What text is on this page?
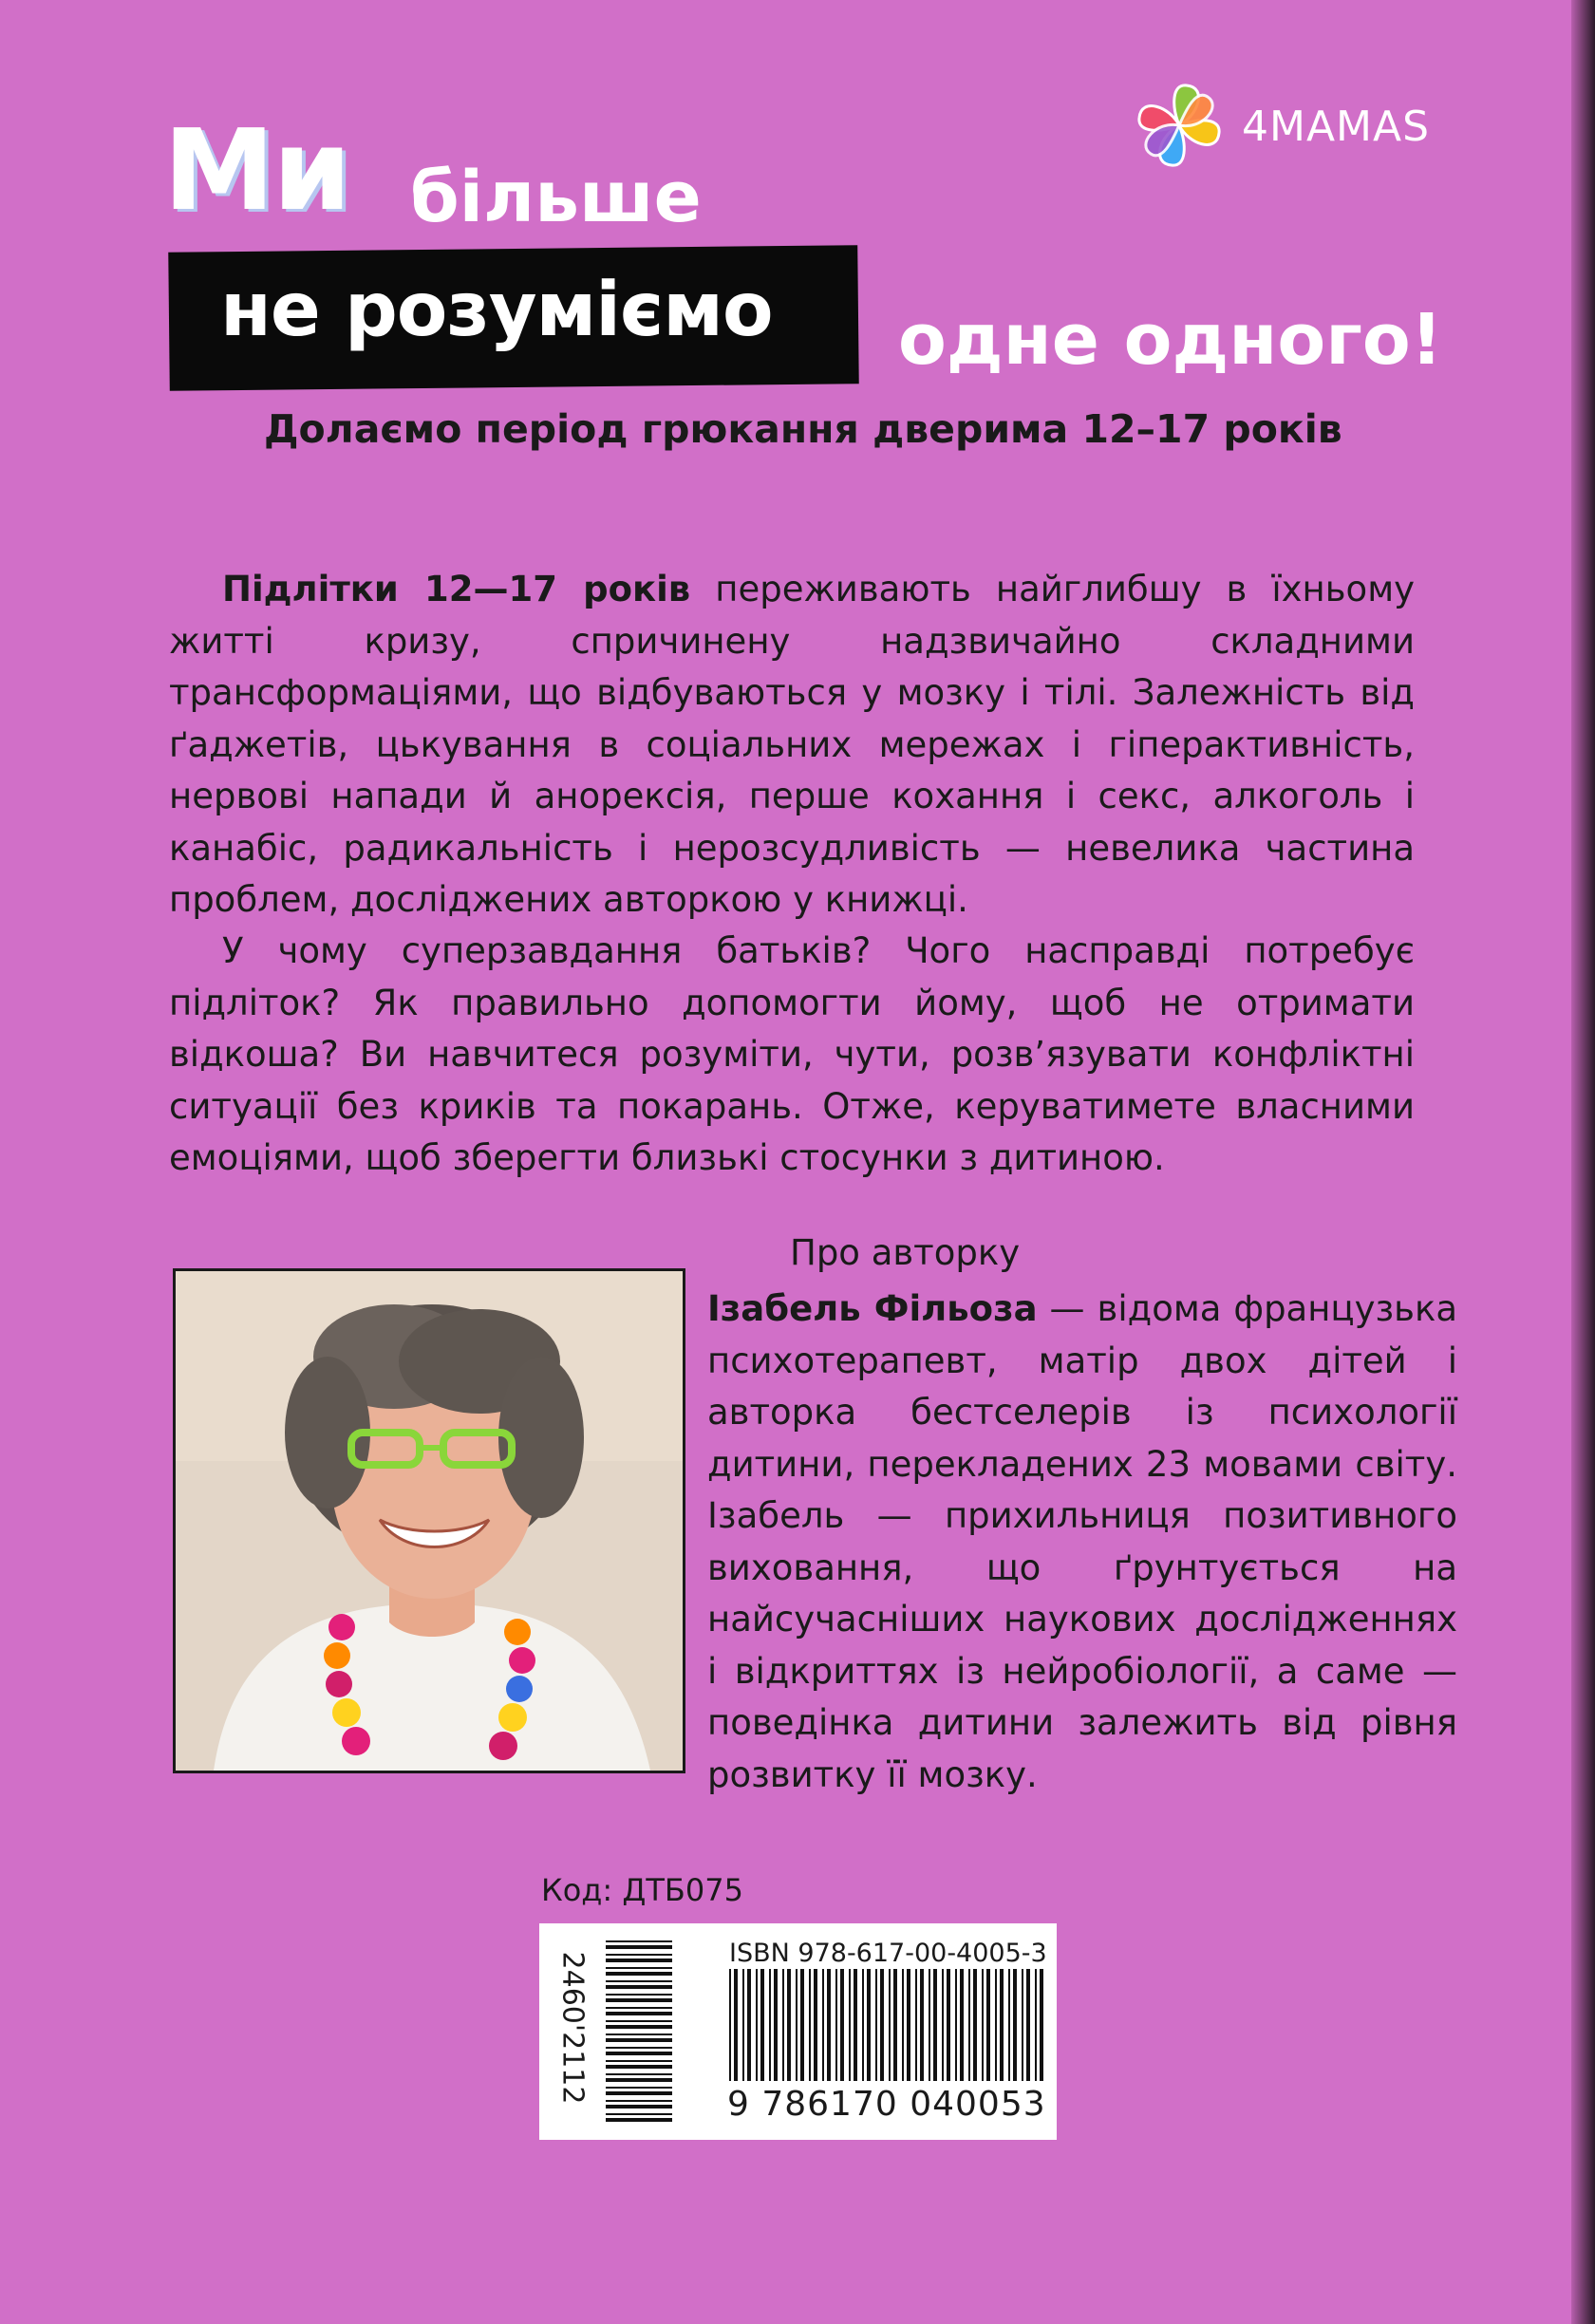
4MAMAS
Ми більше
не розуміємо одне одного!
Долаємо період грюкання дверима 12–17 років
Підлітки 12—17 років переживають найглибшу в їхньому житті кризу, спричинену надзвичайно складними трансформаціями, що відбуваються у мозку і тілі. Залежність від ґаджетів, цькування в соціальних мережах і гіперактивність, нервові напади й анорексія, перше кохання і секс, алкоголь і канабіс, радикальність і нерозсудливість — невелика частина проблем, досліджених авторкою у книжці.
У чому суперзавдання батьків? Чого насправді потребує підліток? Як правильно допомогти йому, щоб не отримати відкоша? Ви навчитеся розуміти, чути, розв’язувати конфліктні ситуації без криків та покарань. Отже, керуватимете власними емоціями, щоб зберегти близькі стосунки з дитиною.
Про авторку
Ізабель Фільоза — відома французька психотерапевт, матір двох дітей і авторка бестселерів із психології дитини, перекладених 23 мовами світу. Ізабель — прихильниця позитивного виховання, що ґрунтується на найсучасніших наукових дослідженнях і відкриттях із нейробіології, а саме — поведінка дитини залежить від рівня розвитку її мозку.
Код: ДТБ075
ISBN 978-617-00-4005-3
9 786170 040053
2460'2112
